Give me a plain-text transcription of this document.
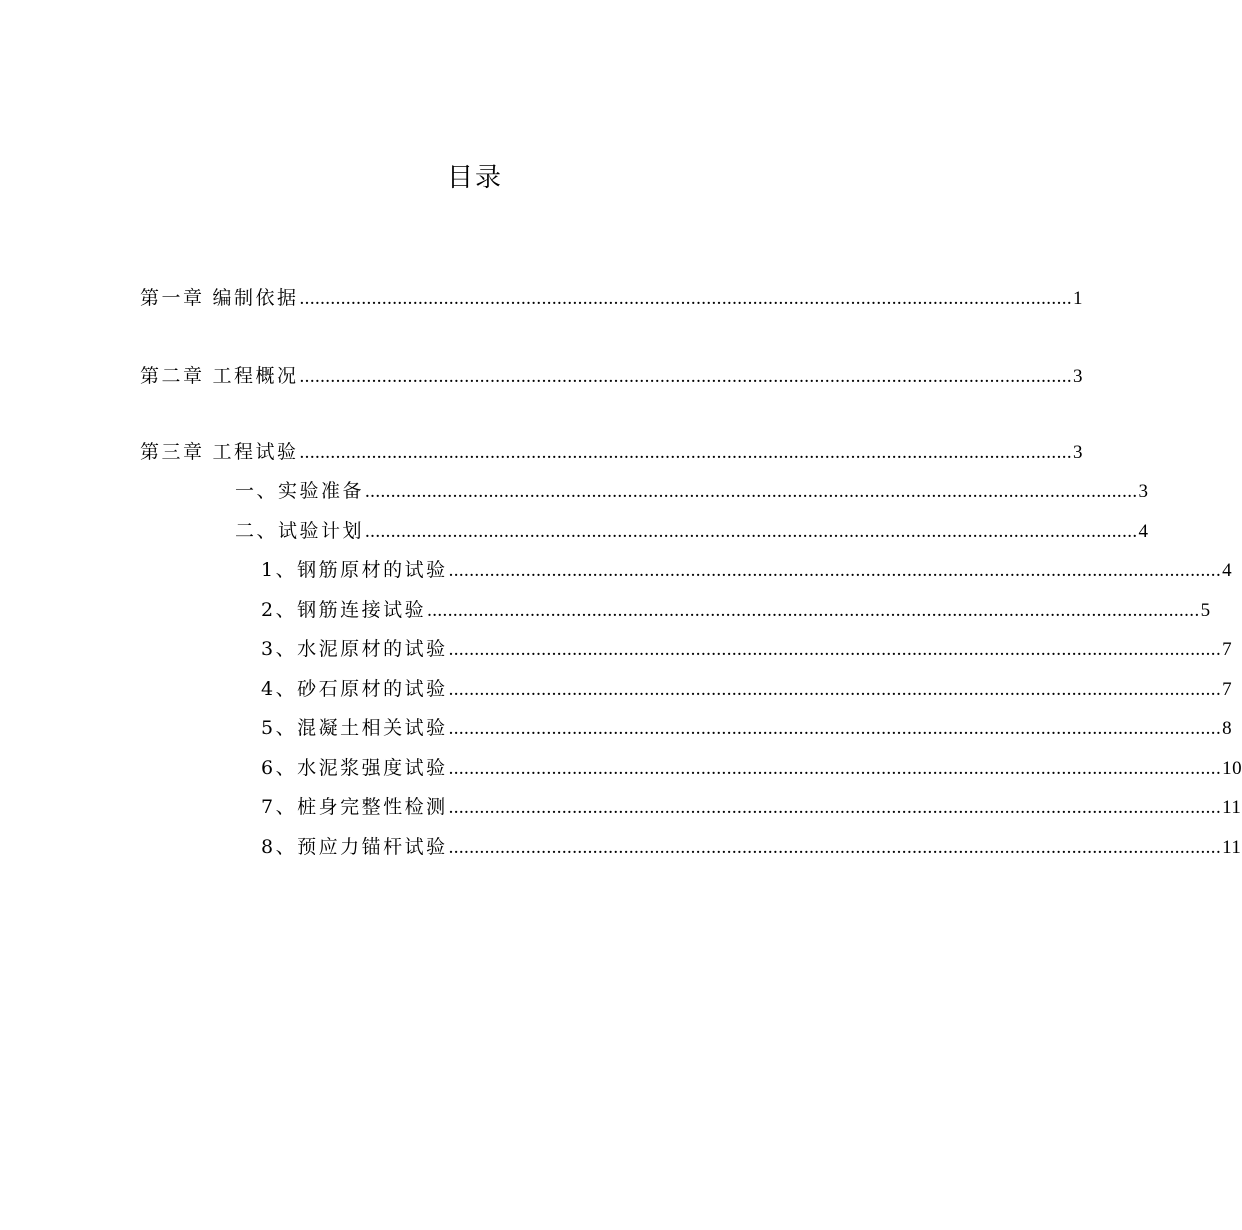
目录
第一章 编制依据 ...................................................................................................................................................... 1
第二章 工程概况 ...................................................................................................................................................... 3
第三章 工程试验 ...................................................................................................................................................... 3
一、实验准备 ...................................................................................................................................................... 3
二、试验计划 ...................................................................................................................................................... 4
1、钢筋原材的试验 ...................................................................................................................................................... 4
2、钢筋连接试验 ...................................................................................................................................................... 5
3、水泥原材的试验 ...................................................................................................................................................... 7
4、砂石原材的试验 ...................................................................................................................................................... 7
5、混凝土相关试验 ...................................................................................................................................................... 8
6、水泥浆强度试验 ...................................................................................................................................................... 10
7、桩身完整性检测 ...................................................................................................................................................... 11
8、预应力锚杆试验 ...................................................................................................................................................... 11
